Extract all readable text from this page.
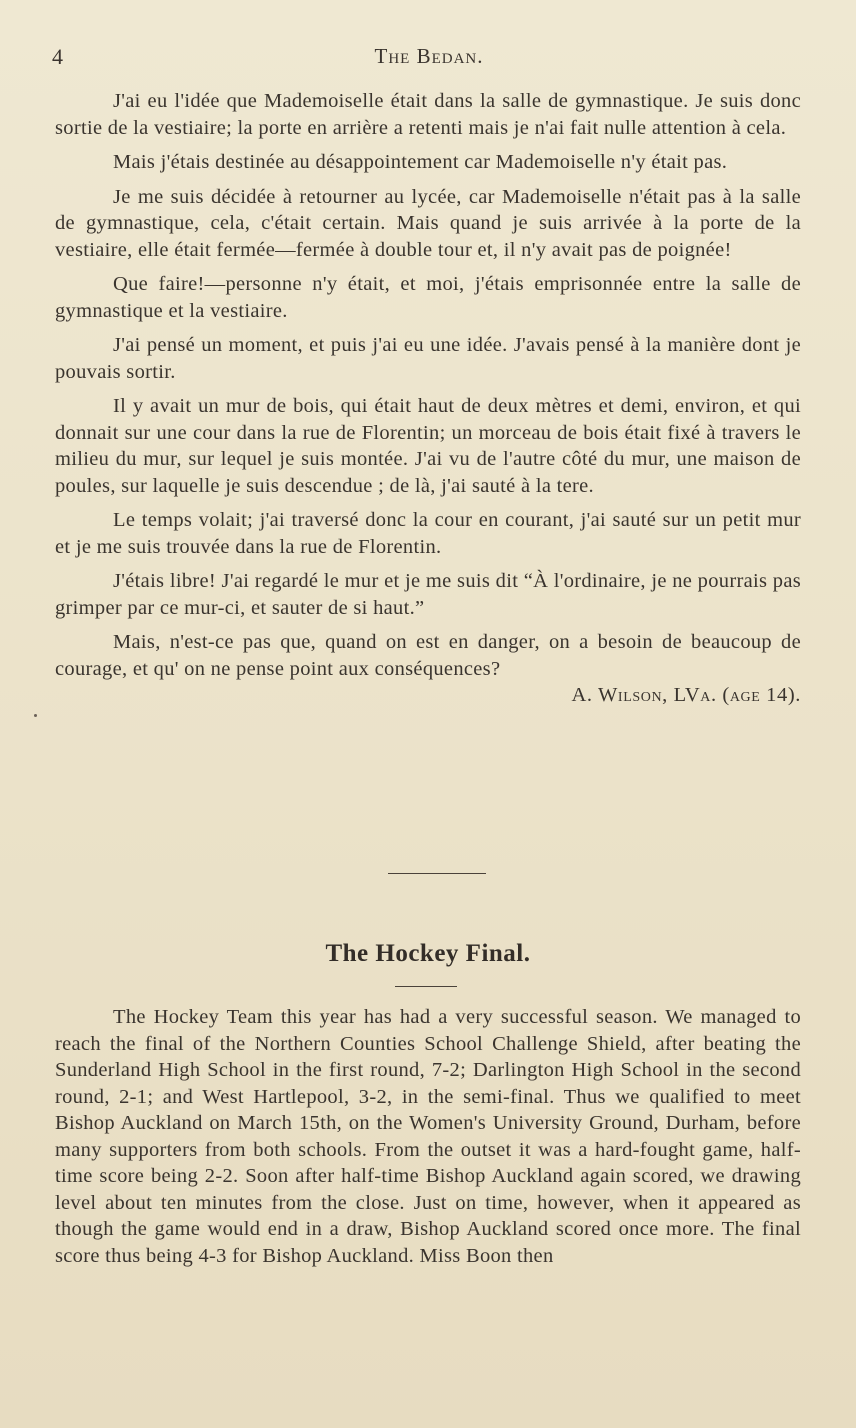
4	The Bedan.

J'ai eu l'idée que Mademoiselle était dans la salle de gymnastique. Je suis donc sortie de la vestiaire; la porte en arrière a retenti mais je n'ai fait nulle attention à cela.

Mais j'étais destinée au désappointement car Mademoiselle n'y était pas.

Je me suis décidée à retourner au lycée, car Mademoiselle n'était pas à la salle de gymnastique, cela, c'était certain. Mais quand je suis arrivée à la porte de la vestiaire, elle était fermée—fermée à double tour et, il n'y avait pas de poignée!

Que faire!—personne n'y était, et moi, j'étais emprisonnée entre la salle de gymnastique et la vestiaire.

J'ai pensé un moment, et puis j'ai eu une idée. J'avais pensé à la manière dont je pouvais sortir.

Il y avait un mur de bois, qui était haut de deux mètres et demi, environ, et qui donnait sur une cour dans la rue de Florentin; un morceau de bois était fixé à travers le milieu du mur, sur lequel je suis montée. J'ai vu de l'autre côté du mur, une maison de poules, sur laquelle je suis descendue ; de là, j'ai sauté à la tere.

Le temps volait; j'ai traversé donc la cour en courant, j'ai sauté sur un petit mur et je me suis trouvée dans la rue de Florentin.

J'étais libre! J'ai regardé le mur et je me suis dit “À l'ordinaire, je ne pourrais pas grimper par ce mur-ci, et sauter de si haut.”

Mais, n'est-ce pas que, quand on est en danger, on a besoin de beaucoup de courage, et qu' on ne pense point aux conséquences?

A. Wilson, LVa. (age 14).
The Hockey Final.

The Hockey Team this year has had a very successful season. We managed to reach the final of the Northern Counties School Challenge Shield, after beating the Sunderland High School in the first round, 7-2; Darlington High School in the second round, 2-1; and West Hartlepool, 3-2, in the semi-final. Thus we qualified to meet Bishop Auckland on March 15th, on the Women's University Ground, Durham, before many supporters from both schools. From the outset it was a hard-fought game, half-time score being 2-2. Soon after half-time Bishop Auckland again scored, we drawing level about ten minutes from the close. Just on time, however, when it appeared as though the game would end in a draw, Bishop Auckland scored once more. The final score thus being 4-3 for Bishop Auckland. Miss Boon then
